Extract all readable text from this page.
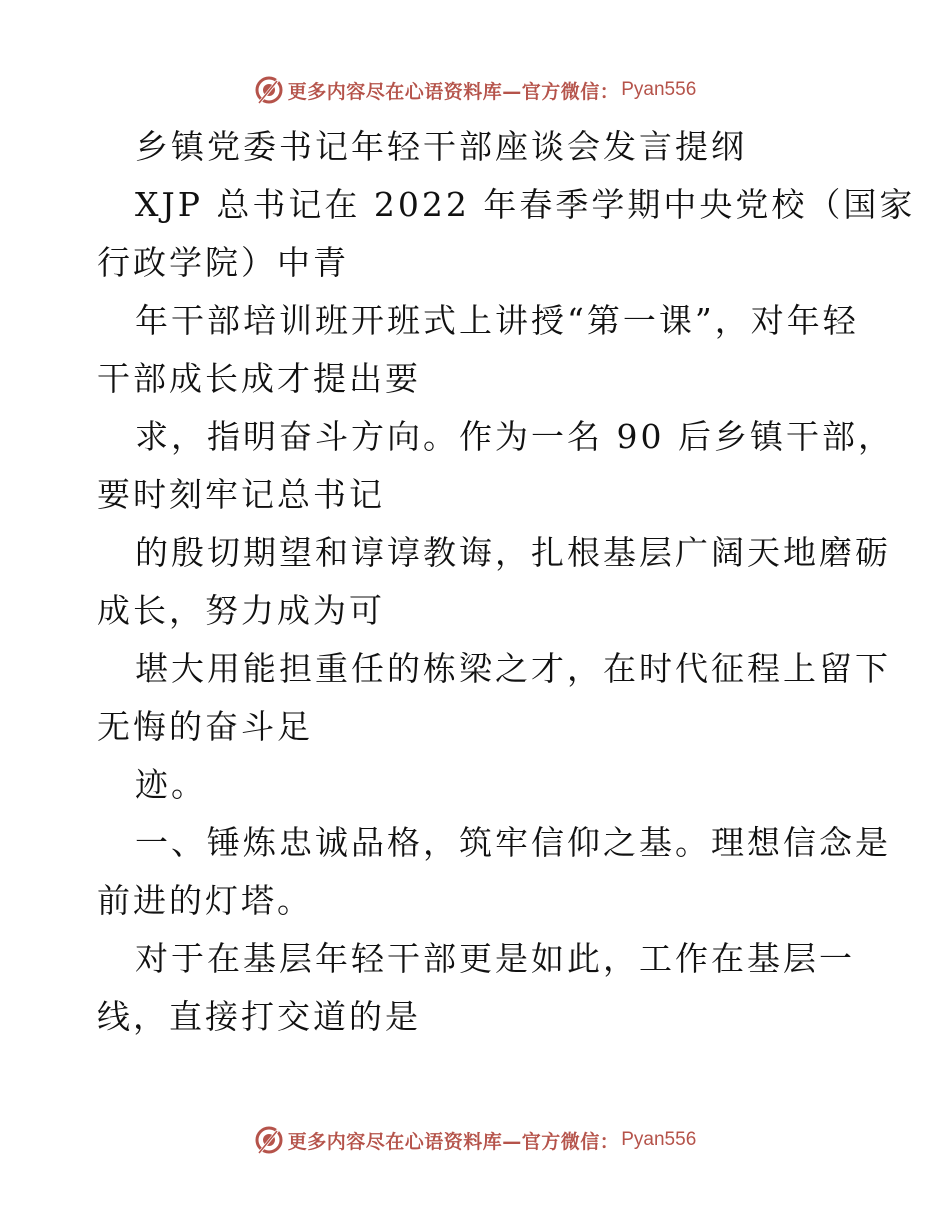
更多内容尽在心语资料库—官方微信： Pyan556
乡镇党委书记年轻干部座谈会发言提纲
XJP 总书记在 2022 年春季学期中央党校（国家
行政学院）中青
年干部培训班开班式上讲授“第一课”，对年轻
干部成长成才提出要
求，指明奋斗方向。作为一名 90 后乡镇干部，
要时刻牢记总书记
的殷切期望和谆谆教诲，扎根基层广阔天地磨砺
成长，努力成为可
堪大用能担重任的栋梁之才，在时代征程上留下
无悔的奋斗足
迹。
一、锤炼忠诚品格，筑牢信仰之基。理想信念是
前进的灯塔。
对于在基层年轻干部更是如此，工作在基层一
线，直接打交道的是
更多内容尽在心语资料库—官方微信： Pyan556
